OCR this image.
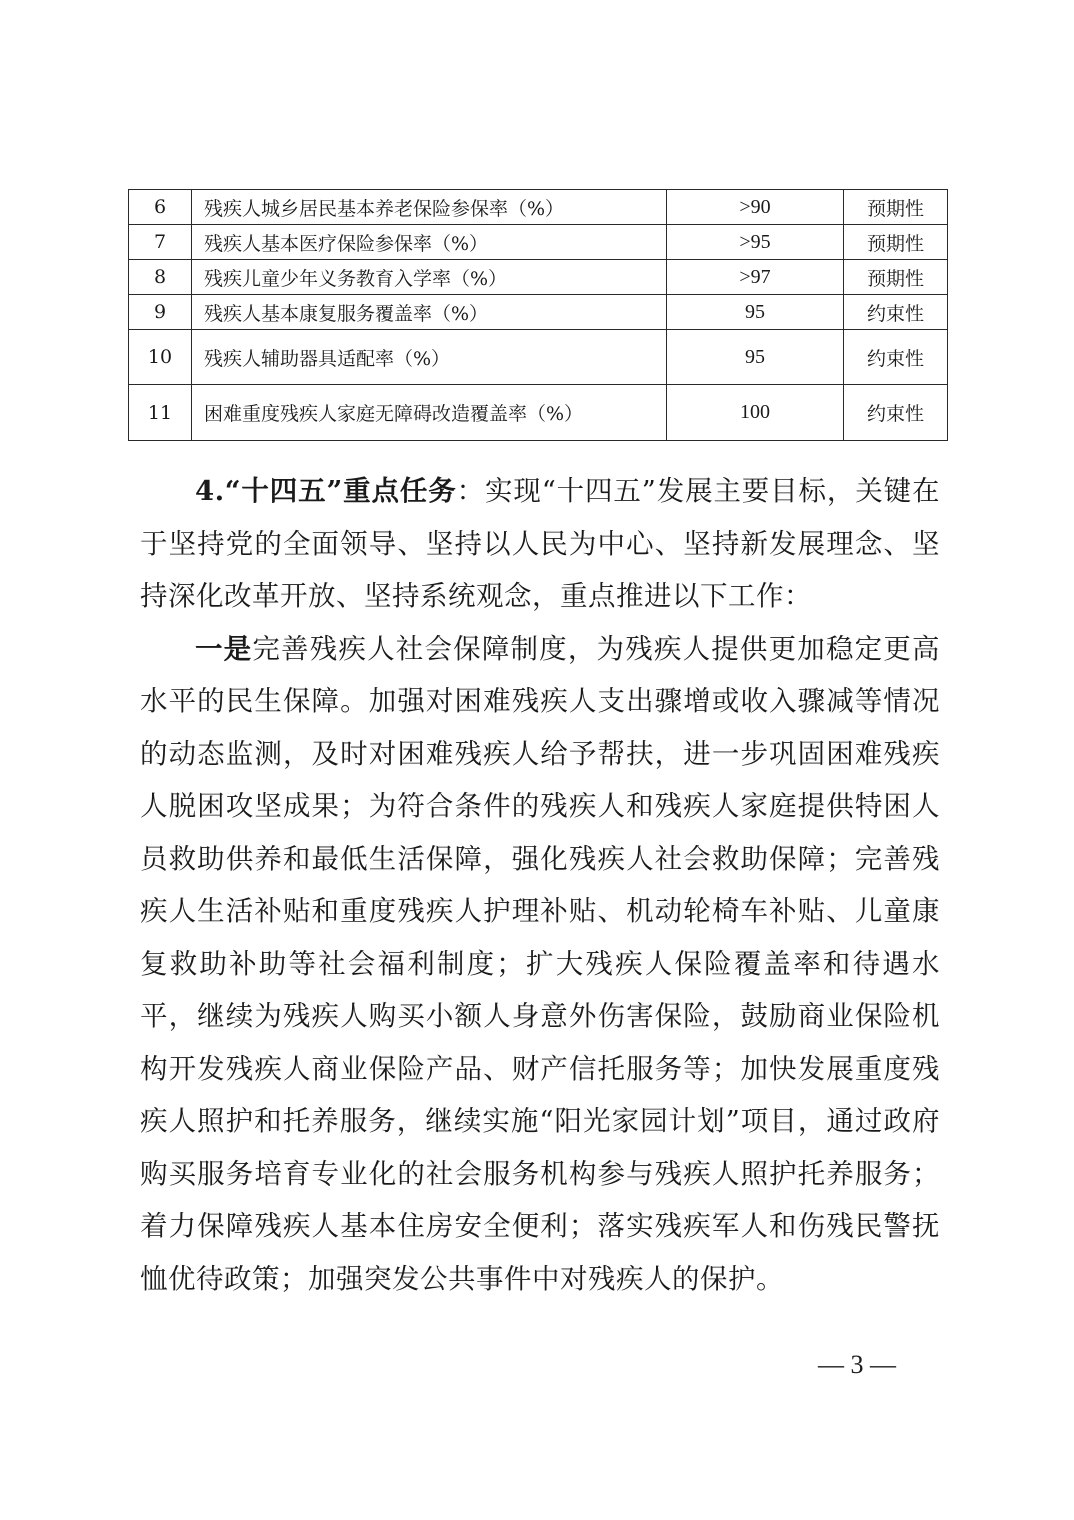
6	残疾人城乡居民基本养老保险参保率（%）	>90	预期性
7	残疾人基本医疗保险参保率（%）	>95	预期性
8	残疾儿童少年义务教育入学率（%）	>97	预期性
9	残疾人基本康复服务覆盖率（%）	95	约束性
10	残疾人辅助器具适配率（%）	95	约束性
11	困难重度残疾人家庭无障碍改造覆盖率（%）	100	约束性

4.“十四五”重点任务：实现“十四五”发展主要目标，关键在于坚持党的全面领导、坚持以人民为中心、坚持新发展理念、坚持深化改革开放、坚持系统观念，重点推进以下工作：

一是完善残疾人社会保障制度，为残疾人提供更加稳定更高水平的民生保障。加强对困难残疾人支出骤增或收入骤减等情况的动态监测，及时对困难残疾人给予帮扶，进一步巩固困难残疾人脱困攻坚成果；为符合条件的残疾人和残疾人家庭提供特困人员救助供养和最低生活保障，强化残疾人社会救助保障；完善残疾人生活补贴和重度残疾人护理补贴、机动轮椅车补贴、儿童康复救助补助等社会福利制度；扩大残疾人保险覆盖率和待遇水平，继续为残疾人购买小额人身意外伤害保险，鼓励商业保险机构开发残疾人商业保险产品、财产信托服务等；加快发展重度残疾人照护和托养服务，继续实施“阳光家园计划”项目，通过政府购买服务培育专业化的社会服务机构参与残疾人照护托养服务；着力保障残疾人基本住房安全便利；落实残疾军人和伤残民警抚恤优待政策；加强突发公共事件中对残疾人的保护。

— 3 —
